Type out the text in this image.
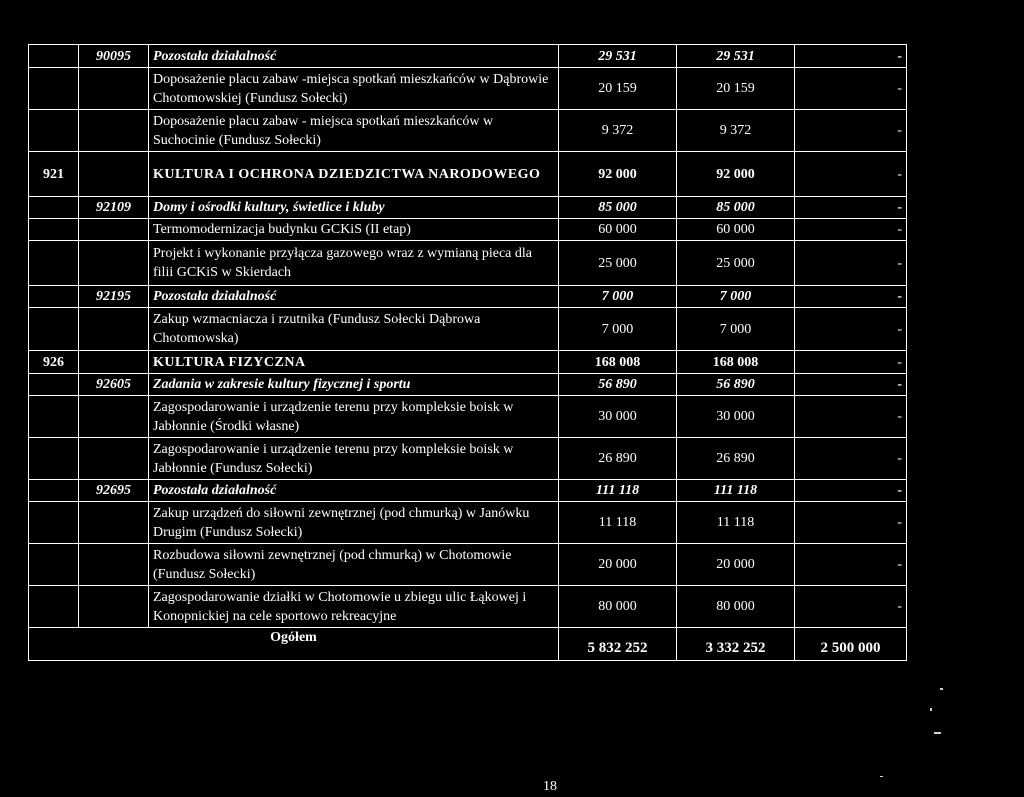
	90095	Pozostała działalność	29 531	29 531	-
		Doposażenie placu zabaw -miejsca spotkań mieszkańców w Dąbrowie Chotomowskiej (Fundusz Sołecki)	20 159	20 159	-
		Doposażenie placu zabaw - miejsca spotkań mieszkańców w Suchocinie (Fundusz Sołecki)	9 372	9 372	-
921		KULTURA I OCHRONA DZIEDZICTWA NARODOWEGO	92 000	92 000	-
	92109	Domy i ośrodki kultury, świetlice i kluby	85 000	85 000	-
		Termomodernizacja budynku GCKiS (II etap)	60 000	60 000	-
		Projekt i wykonanie przyłącza gazowego wraz z wymianą pieca dla filii GCKiS w Skierdach	25 000	25 000	-
	92195	Pozostała działalność	7 000	7 000	-
		Zakup wzmacniacza i rzutnika (Fundusz Sołecki Dąbrowa Chotomowska)	7 000	7 000	-
926		KULTURA FIZYCZNA	168 008	168 008	-
	92605	Zadania w zakresie kultury fizycznej i sportu	56 890	56 890	-
		Zagospodarowanie i urządzenie terenu przy kompleksie boisk w Jabłonnie (Środki własne)	30 000	30 000	-
		Zagospodarowanie i urządzenie terenu przy kompleksie boisk w Jabłonnie (Fundusz Sołecki)	26 890	26 890	-
	92695	Pozostała działalność	111 118	111 118	-
		Zakup urządzeń do siłowni zewnętrznej (pod chmurką) w Janówku Drugim (Fundusz Sołecki)	11 118	11 118	-
		Rozbudowa siłowni zewnętrznej (pod chmurką) w Chotomowie (Fundusz Sołecki)	20 000	20 000	-
		Zagospodarowanie działki w Chotomowie u zbiegu ulic Łąkowej i Konopnickiej na cele sportowo rekreacyjne	80 000	80 000	-
Ogółem			5 832 252	3 332 252	2 500 000
18
